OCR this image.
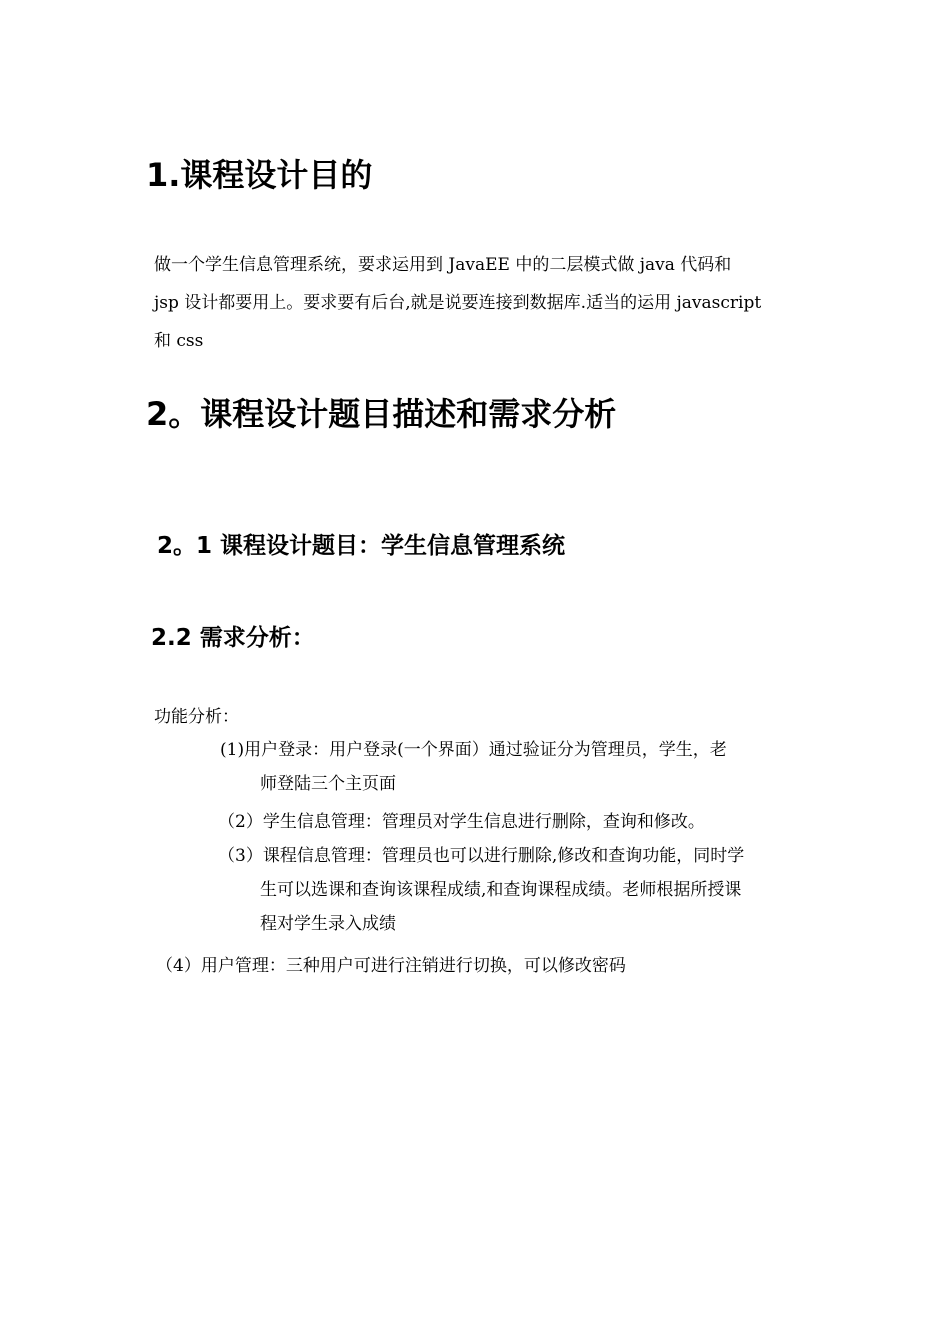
1.课程设计目的
做一个学生信息管理系统，要求运用到 JavaEE 中的二层模式做 java 代码和
jsp 设计都要用上。要求要有后台,就是说要连接到数据库.适当的运用 javascript
和 css
2。课程设计题目描述和需求分析
2。1 课程设计题目：学生信息管理系统
2.2 需求分析：
功能分析：
(1)用户登录：用户登录(一个界面）通过验证分为管理员，学生，老
师登陆三个主页面
（2）学生信息管理：管理员对学生信息进行删除，查询和修改。
（3）课程信息管理：管理员也可以进行删除,修改和查询功能，同时学
生可以选课和查询该课程成绩,和查询课程成绩。老师根据所授课
程对学生录入成绩
（4）用户管理：三种用户可进行注销进行切换，可以修改密码
